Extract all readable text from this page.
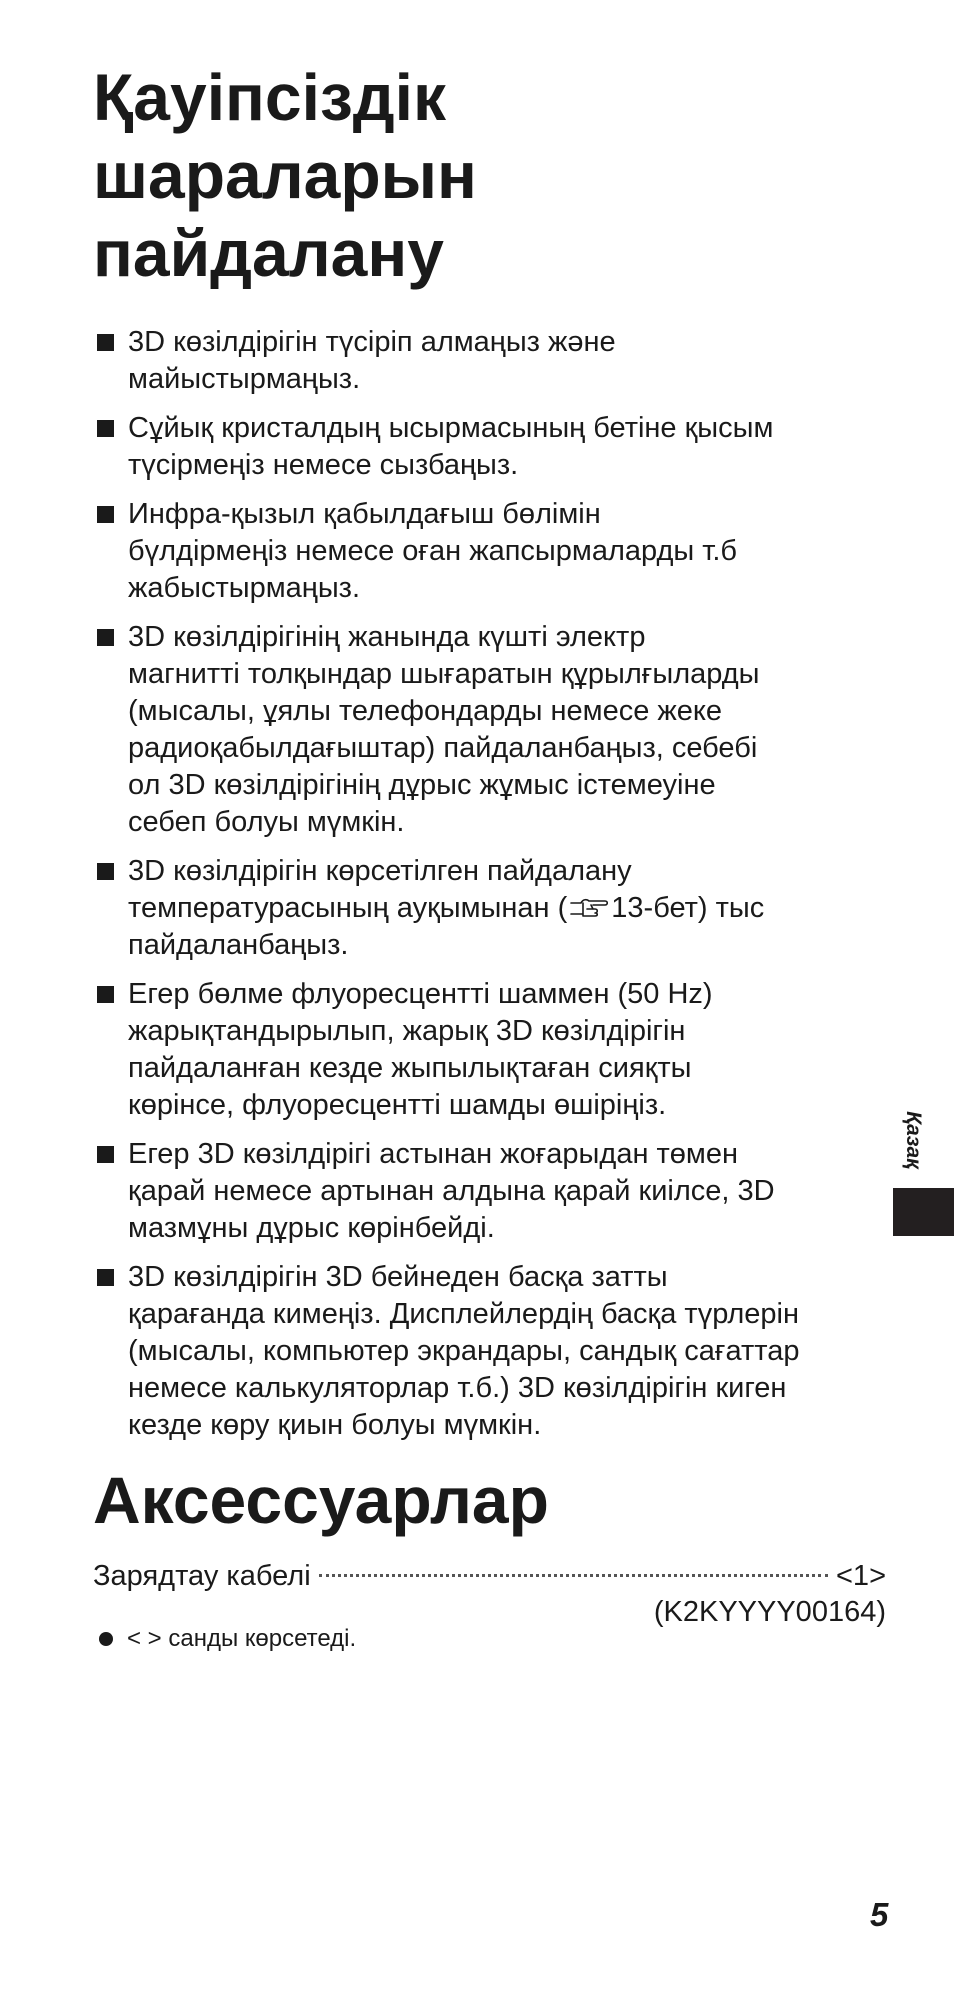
Қауіпсіздік
шараларын
пайдалану
3D көзілдірігін түсіріп алмаңыз және
майыстырмаңыз.
Сұйық кристалдың ысырмасының бетіне қысым
түсірмеңіз немесе сызбаңыз.
Инфра-қызыл қабылдағыш бөлімін
бүлдірмеңіз немесе оған жапсырмаларды т.б
жабыстырмаңыз.
3D көзілдірігінің жанында күшті электр
магнитті толқындар шығаратын құрылғыларды
(мысалы, ұялы телефондарды немесе жеке
радиоқабылдағыштар) пайдаланбаңыз, себебі
ол 3D көзілдірігінің дұрыс жұмыс істемеуіне
себеп болуы мүмкін.
3D көзілдірігін көрсетілген пайдалану
температурасының ауқымынан ( 13-бет) тыс
пайдаланбаңыз.
Егер бөлме флуоресцентті шаммен (50 Hz)
жарықтандырылып, жарық 3D көзілдірігін
пайдаланған кезде жыпылықтаған сияқты
көрінсе, флуоресцентті шамды өшіріңіз.
Егер 3D көзілдірігі астынан жоғарыдан төмен
қарай немесе артынан алдына қарай киілсе, 3D
мазмұны дұрыс көрінбейді.
3D көзілдірігін 3D бейнеден басқа затты
қарағанда кимеңіз. Дисплейлердің басқа түрлерін
(мысалы, компьютер экрандары, сандық сағаттар
немесе калькуляторлар т.б.) 3D көзілдірігін киген
кезде көру қиын болуы мүмкін.
Аксессуарлар
Зарядтау кабелі	<1>
(K2KYYYY00164)
< > санды көрсетеді.
Қазақ
5
